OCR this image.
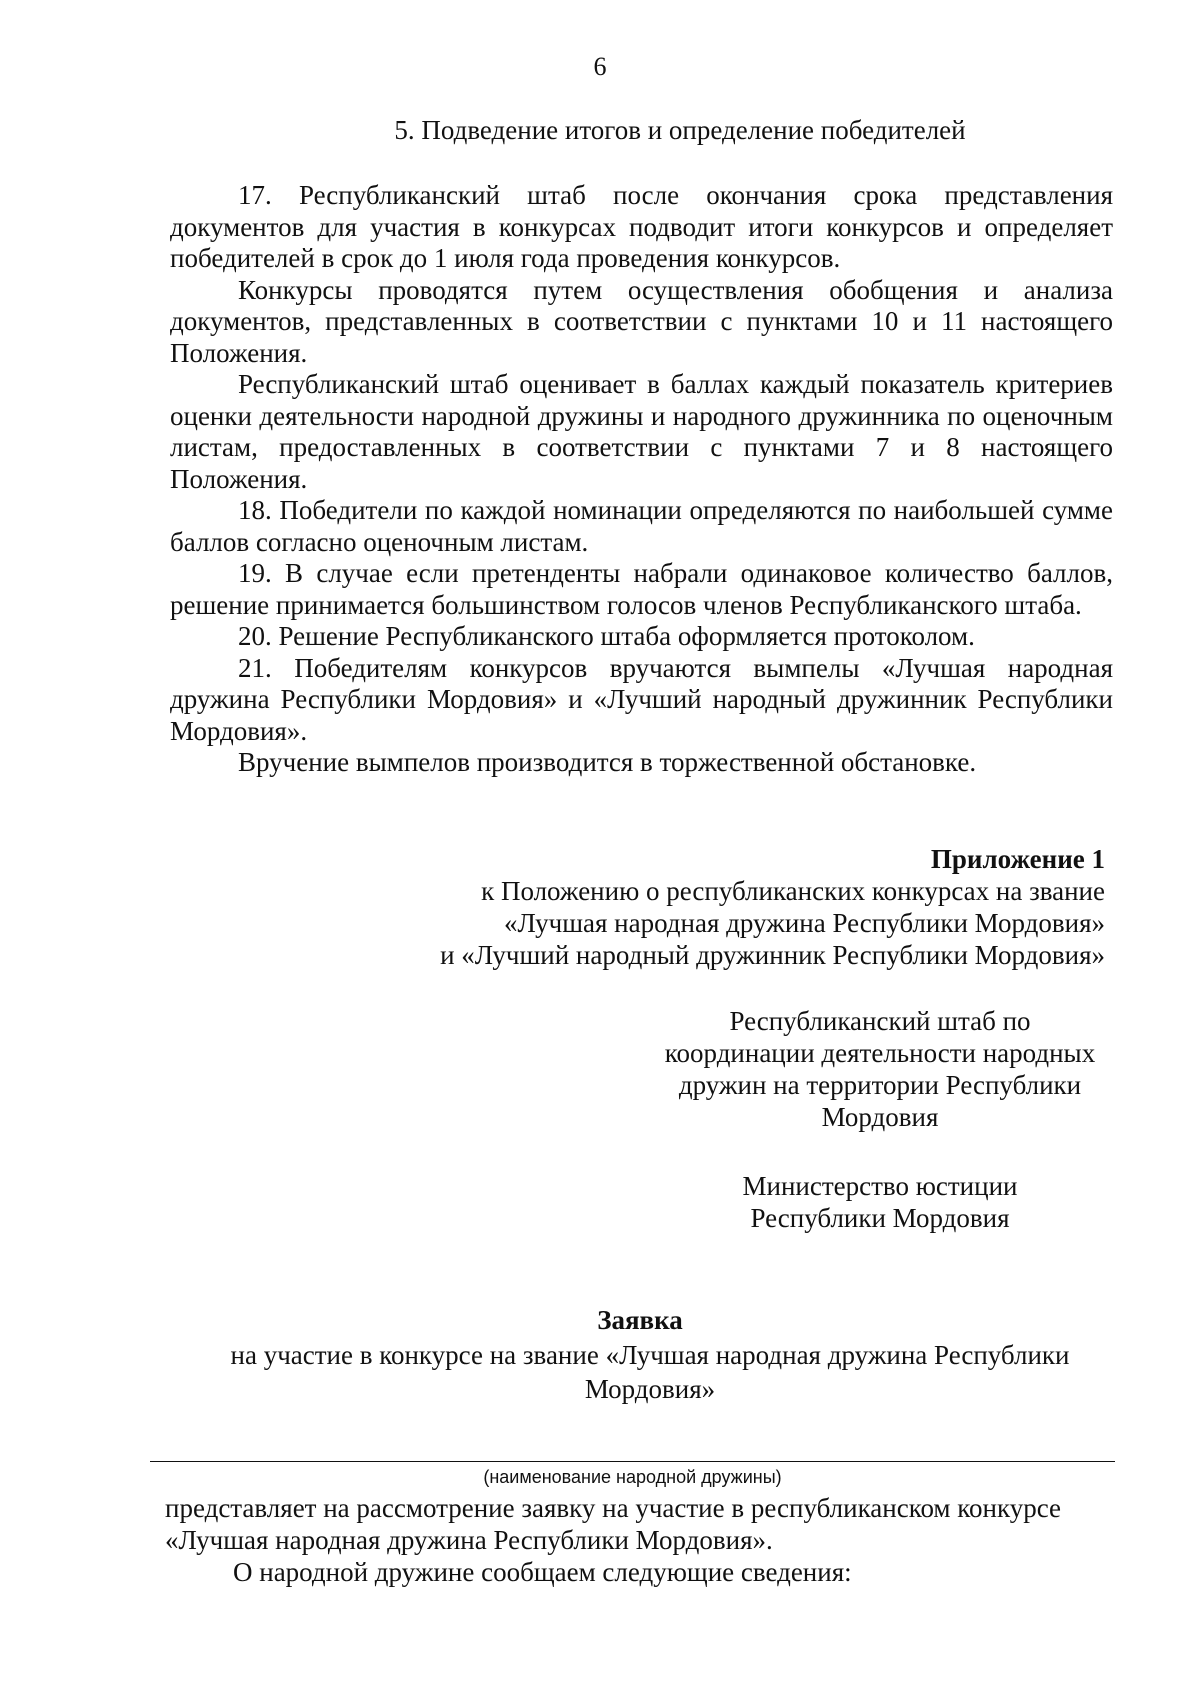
6
5. Подведение итогов и определение победителей

17. Республиканский штаб после окончания срока представления документов для участия в конкурсах подводит итоги конкурсов и определяет победителей в срок до 1 июля года проведения конкурсов.

Конкурсы проводятся путем осуществления обобщения и анализа документов, представленных в соответствии с пунктами 10 и 11 настоящего Положения.

Республиканский штаб оценивает в баллах каждый показатель критериев оценки деятельности народной дружины и народного дружинника по оценочным листам, предоставленных в соответствии с пунктами 7 и 8 настоящего Положения.

18. Победители по каждой номинации определяются по наибольшей сумме баллов согласно оценочным листам.

19. В случае если претенденты набрали одинаковое количество баллов, решение принимается большинством голосов членов Республиканского штаба.

20. Решение Республиканского штаба оформляется протоколом.

21. Победителям конкурсов вручаются вымпелы «Лучшая народная дружина Республики Мордовия» и «Лучший народный дружинник Республики Мордовия».

Вручение вымпелов производится в торжественной обстановке.

Приложение 1
к Положению о республиканских конкурсах на звание
«Лучшая народная дружина Республики Мордовия»
и «Лучший народный дружинник Республики Мордовия»
Республиканский штаб по
координации деятельности народных
дружин на территории Республики
Мордовия
Министерство юстиции
Республики Мордовия
Заявка
на участие в конкурсе на звание «Лучшая народная дружина Республики
Мордовия»
(наименование народной дружины)

представляет на рассмотрение заявку на участие в республиканском конкурсе

«Лучшая народная дружина Республики Мордовия».

О народной дружине сообщаем следующие сведения:
